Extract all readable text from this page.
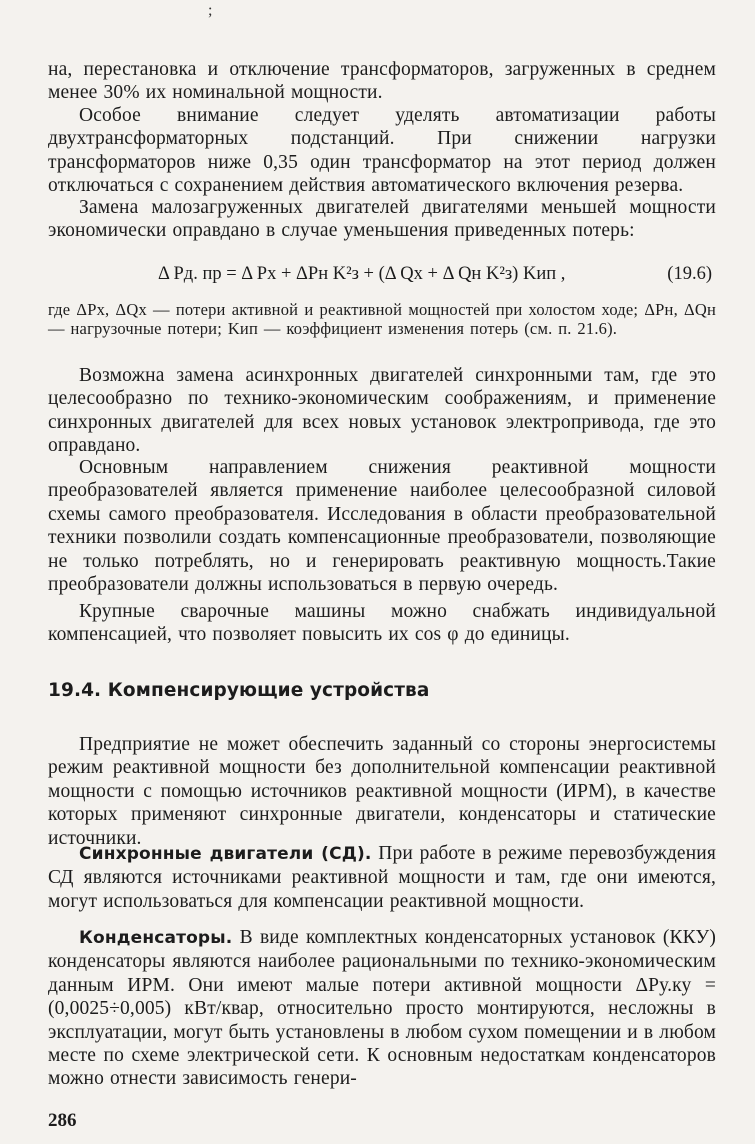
;

на, перестановка и отключение трансформаторов, загруженных в среднем менее 30% их номинальной мощности.

Особое внимание следует уделять автоматизации работы двухтрансформаторных подстанций. При снижении нагрузки трансформаторов ниже 0,35 один трансформатор на этот период должен отключаться с сохранением действия автоматического включения резерва.

Замена малозагруженных двигателей двигателями меньшей мощности экономически оправдано в случае уменьшения приведенных потерь:

Δ Pд. пр = Δ Pх + ΔPн K²з + (Δ Qх + Δ Qн K²з) Kип ,	(19.6)

где ΔPх, ΔQх — потери активной и реактивной мощностей при холостом ходе; ΔPн, ΔQн — нагрузочные потери; Kип — коэффициент изменения потерь (см. п. 21.6).

Возможна замена асинхронных двигателей синхронными там, где это целесообразно по технико-экономическим соображениям, и применение синхронных двигателей для всех новых установок электропривода, где это оправдано.

Основным направлением снижения реактивной мощности преобразователей является применение наиболее целесообразной силовой схемы самого преобразователя. Исследования в области преобразовательной техники позволили создать компенсационные преобразователи, позволяющие не только потреблять, но и генерировать реактивную мощность.Такие преобразователи должны использоваться в первую очередь.

Крупные сварочные машины можно снабжать индивидуальной компенсацией, что позволяет повысить их cos φ до единицы.

19.4. Компенсирующие устройства

Предприятие не может обеспечить заданный со стороны энергосистемы режим реактивной мощности без дополнительной компенсации реактивной мощности с помощью источников реактивной мощности (ИРМ), в качестве которых применяют синхронные двигатели, конденсаторы и статические источники.

Синхронные двигатели (СД). При работе в режиме перевозбуждения СД являются источниками реактивной мощности и там, где они имеются, могут использоваться для компенсации реактивной мощности.

Конденсаторы. В виде комплектных конденсаторных установок (ККУ) конденсаторы являются наиболее рациональными по технико-экономическим данным ИРМ. Они имеют малые потери активной мощности ΔPу.ку = (0,0025÷0,005) кВт/квар, относительно просто монтируются, несложны в эксплуатации, могут быть установлены в любом сухом помещении и в любом месте по схеме электрической сети. К основным недостаткам конденсаторов можно отнести зависимость генери-

286
